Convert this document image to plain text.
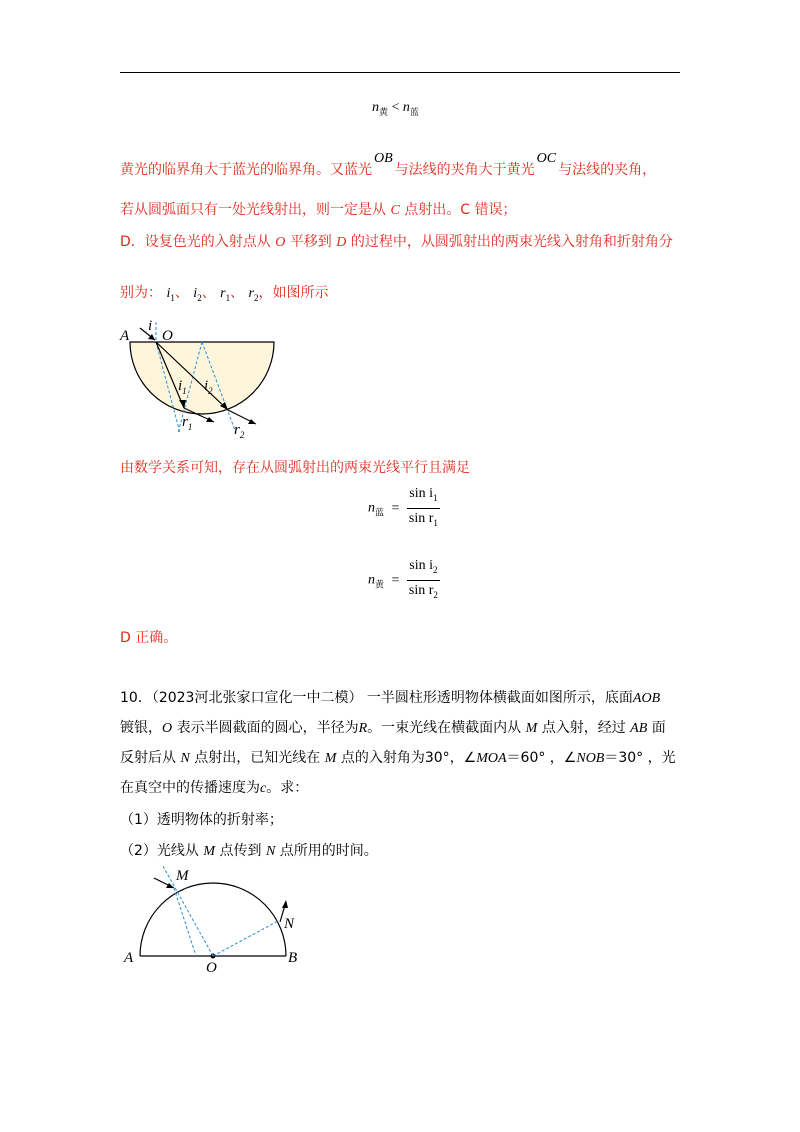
$n_黄 < n_蓝$
黄光的临界角大于蓝光的临界角。又蓝光OB与法线的夹角大于黄光OC与法线的夹角，
若从圆弧面只有一处光线射出，则一定是从 C 点射出。C 错误；
D．设复色光的入射点从 O 平移到 D 的过程中，从圆弧射出的两束光线入射角和折射角分
别为： $i_1$、 $i_2$、 $r_1$、 $r_2$，如图所示
A
i
O
$i_1$ $i_2$
$r_1$	$r_2$
由数学关系可知，存在从圆弧射出的两束光线平行且满足
$n_蓝 = \frac{\sin i_1}{\sin r_1}$
$n_黄 = \frac{\sin i_2}{\sin r_2}$
D 正确。
10．（2023河北张家口宣化一中二模） 一半圆柱形透明物体横截面如图所示，底面AOB
镀银，O 表示半圆截面的圆心，半径为R。一束光线在横截面内从 M 点入射，经过 AB 面
反射后从 N 点射出，已知光线在 M 点的入射角为30°，∠MOA＝60° ，∠NOB＝30° ，光
在真空中的传播速度为c。求：
（1）透明物体的折射率；
（2）光线从 M 点传到 N 点所用的时间。
M
N
A
O
B
